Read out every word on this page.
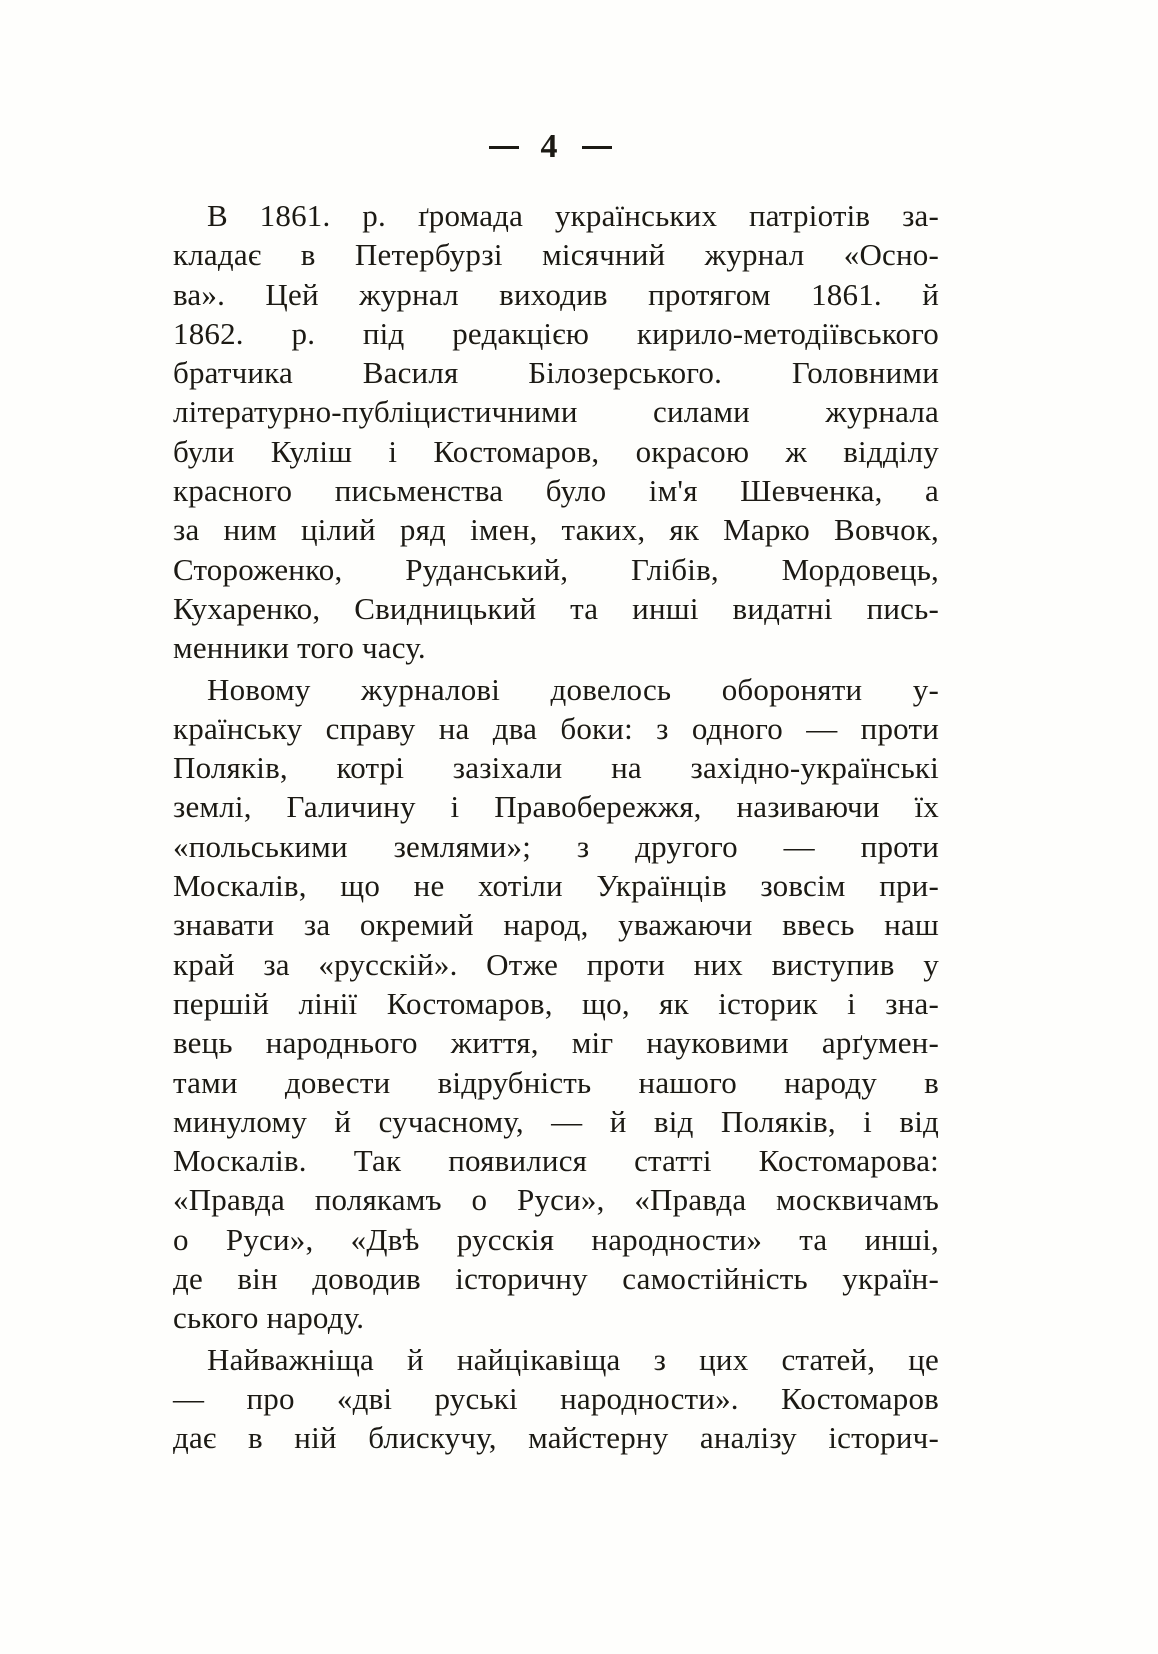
4
В 1861. р. ґромада українських патріотів за-
кладає в Петербурзі місячний журнал «Осно-
ва». Цей журнал виходив протягом 1861. й
1862. р. під редакцією кирило-методіївського
братчика Василя Білозерського. Головними
літературно-публіцистичними силами журнала
були Куліш і Костомаров, окрасою ж відділу
красного письменства було ім'я Шевченка, а
за ним цілий ряд імен, таких, як Марко Вовчок,
Стороженко, Руданський, Глібів, Мордовець,
Кухаренко, Свидницький та инші видатні пись-
менники того часу.
Новому журналові довелось обороняти у-
країнську справу на два боки: з одного — проти
Поляків, котрі зазіхали на західно-українські
землі, Галичину і Правобережжя, називаючи їх
«польськими землями»; з другого — проти
Москалів, що не хотіли Українців зовсім при-
знавати за окремий народ, уважаючи ввесь наш
край за «русскій». Отже проти них виступив у
першій лінії Костомаров, що, як історик і зна-
вець народнього життя, міг науковими арґумен-
тами довести відрубність нашого народу в
минулому й сучасному, — й від Поляків, і від
Москалів. Так появилися статті Костомарова:
«Правда полякамъ о Руси», «Правда москвичамъ
о Руси», «Двѣ русскія народности» та инші,
де він доводив історичну самостійність україн-
ського народу.
Найважніща й найцікавіща з цих статей, це
— про «дві руські народности». Костомаров
дає в ній блискучу, майстерну аналізу історич-
